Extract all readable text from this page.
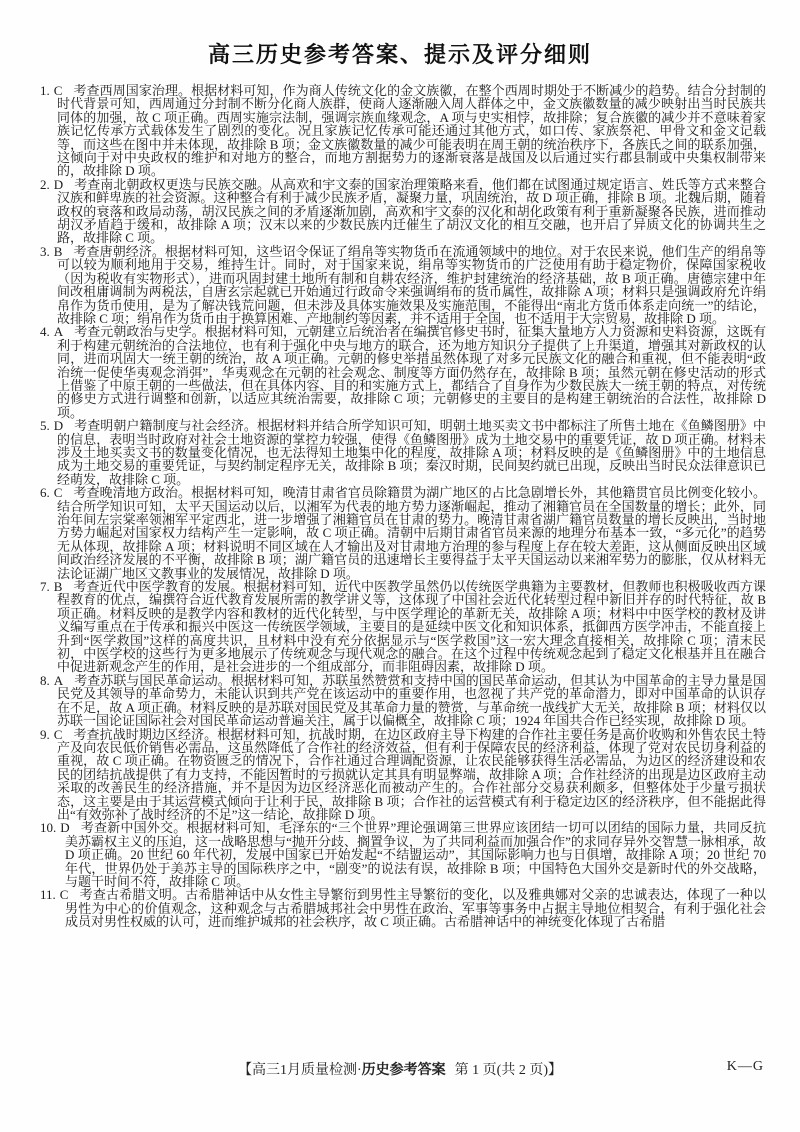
高三历史参考答案、提示及评分细则
1. C 考查西周国家治理。根据材料可知，作为商人传统文化的金文族徽，在整个西周时期处于不断减少的趋势。结合分封制的时代背景可知，西周通过分封制不断分化商人族群，使商人逐渐融入周人群体之中，金文族徽数量的减少映射出当时民族共同体的加强，故 C 项正确。西周实施宗法制，强调宗族血缘观念，A 项与史实相悖，故排除；复合族徽的减少并不意味着家族记忆传承方式载体发生了剧烈的变化。况且家族记忆传承可能还通过其他方式，如口传、家族祭祀、甲骨文和金文记载等，而这些在图中并未体现，故排除 B 项；金文族徽数量的减少可能表明在周王朝的统治秩序下，各族氏之间的联系加强，这倾向于对中央政权的维护和对地方的整合，而地方割据势力的逐渐衰落是战国及以后通过实行郡县制或中央集权制带来的，故排除 D 项。
2. D 考查南北朝政权更迭与民族交融。从高欢和宇文泰的国家治理策略来看，他们都在试图通过规定语言、姓氏等方式来整合汉族和鲜卑族的社会资源。这种整合有利于减少民族矛盾，凝聚力量，巩固统治，故 D 项正确，排除 B 项。北魏后期，随着政权的衰落和政局动荡，胡汉民族之间的矛盾逐渐加剧，高欢和宇文泰的汉化和胡化政策有利于重新凝聚各民族，进而推动胡汉矛盾趋于缓和，故排除 A 项；汉末以来的少数民族内迁催生了胡汉文化的相互交融，也开启了异质文化的协调共生之路，故排除 C 项。
3. B 考查唐朝经济。根据材料可知，这些诏令保证了绢帛等实物货币在流通领域中的地位。对于农民来说，他们生产的绢帛等可以较为顺利地用于交易，维持生计。同时，对于国家来说，绢帛等实物货币的广泛使用有助于稳定物价，保障国家税收（因为税收有实物形式），进而巩固封建土地所有制和自耕农经济，维护封建统治的经济基础，故 B 项正确。唐德宗建中年间改租庸调制为两税法，自唐玄宗起就已开始通过行政命令来强调绢布的货币属性，故排除 A 项；材料只是强调政府允许绢帛作为货币使用，是为了解决钱荒问题，但未涉及具体实施效果及实施范围，不能得出“南北方货币体系走向统一”的结论，故排除 C 项；绢帛作为货币由于换算困难、产地制约等因素，并不适用于全国，也不适用于大宗贸易，故排除 D 项。
4. A 考查元朝政治与史学。根据材料可知，元朝建立后统治者在编撰官修史书时，征集大量地方人力资源和史料资源，这既有利于构建元朝统治的合法地位，也有利于强化中央与地方的联合，还为地方知识分子提供了上升渠道，增强其对新政权的认同，进而巩固大一统王朝的统治，故 A 项正确。元朝的修史举措虽然体现了对多元民族文化的融合和重视，但不能表明“政治统一促使华夷观念消弭”，华夷观念在元朝的社会观念、制度等方面仍然存在，故排除 B 项；虽然元朝在修史活动的形式上借鉴了中原王朝的一些做法，但在具体内容、目的和实施方式上，都结合了自身作为少数民族大一统王朝的特点，对传统的修史方式进行调整和创新，以适应其统治需要，故排除 C 项；元朝修史的主要目的是构建王朝统治的合法性，故排除 D 项。
5. D 考查明朝户籍制度与社会经济。根据材料并结合所学知识可知，明朝土地买卖文书中都标注了所售土地在《鱼鳞图册》中的信息，表明当时政府对社会土地资源的掌控力较强，使得《鱼鳞图册》成为土地交易中的重要凭证，故 D 项正确。材料未涉及土地买卖文书的数量变化情况，也无法得知土地集中化的程度，故排除 A 项；材料反映的是《鱼鳞图册》中的土地信息成为土地交易的重要凭证，与契约制定程序无关，故排除 B 项；秦汉时期，民间契约就已出现，反映出当时民众法律意识已经萌发，故排除 C 项。
6. C 考查晚清地方政治。根据材料可知，晚清甘肃省官员除籍贯为湖广地区的占比急剧增长外，其他籍贯官员比例变化较小。结合所学知识可知，太平天国运动以后，以湘军为代表的地方势力逐渐崛起，推动了湘籍官员在全国数量的增长；此外，同治年间左宗棠率领湘军平定西北，进一步增强了湘籍官员在甘肃的势力。晚清甘肃省湖广籍官员数量的增长反映出，当时地方势力崛起对国家权力结构产生一定影响，故 C 项正确。清朝中后期甘肃省官员来源的地理分布基本一致，“多元化”的趋势无从体现，故排除 A 项；材料说明不同区域在人才输出及对甘肃地方治理的参与程度上存在较大差距，这从侧面反映出区域间政治经济发展的不平衡，故排除 B 项；湖广籍官员的迅速增长主要得益于太平天国运动以来湘军势力的膨胀，仅从材料无法论证湖广地区文教事业的发展情况，故排除 D 项。
7. B 考查近代中医学教育的发展。根据材料可知，近代中医教学虽然仍以传统医学典籍为主要教材，但教师也积极吸收西方课程教育的优点，编撰符合近代教育发展所需的教学讲义等，这体现了中国社会近代化转型过程中新旧并存的时代特征，故 B 项正确。材料反映的是教学内容和教材的近代化转型，与中医学理论的革新无关，故排除 A 项；材料中中医学校的教材及讲义编写重点在于传承和振兴中医这一传统医学领域，主要目的是延续中医文化和知识体系，抵御西方医学冲击，不能直接上升到“医学救国”这样的高度共识，且材料中没有充分依据显示与“医学救国”这一宏大理念直接相关，故排除 C 项；清末民初，中医学校的这些行为更多地展示了传统观念与现代观念的融合。在这个过程中传统观念起到了稳定文化根基并且在融合中促进新观念产生的作用，是社会进步的一个组成部分，而非阻碍因素，故排除 D 项。
8. A 考查苏联与国民革命运动。根据材料可知，苏联虽然赞赏和支持中国的国民革命运动，但其认为中国革命的主导力量是国民党及其领导的革命势力，未能认识到共产党在该运动中的重要作用，也忽视了共产党的革命潜力，即对中国革命的认识存在不足，故 A 项正确。材料反映的是苏联对国民党及其革命力量的赞赏，与革命统一战线扩大无关，故排除 B 项；材料仅以苏联一国论证国际社会对国民革命运动普遍关注，属于以偏概全，故排除 C 项；1924 年国共合作已经实现，故排除 D 项。
9. C 考查抗战时期边区经济。根据材料可知，抗战时期，在边区政府主导下构建的合作社主要任务是高价收购和外售农民土特产及向农民低价销售必需品，这虽然降低了合作社的经济效益，但有利于保障农民的经济利益，体现了党对农民切身利益的重视，故 C 项正确。在物资匮乏的情况下，合作社通过合理调配资源，让农民能够获得生活必需品，为边区的经济建设和农民的团结抗战提供了有力支持，不能因暂时的亏损就认定其具有明显弊端，故排除 A 项；合作社经济的出现是边区政府主动采取的改善民生的经济措施，并不是因为边区经济恶化而被动产生的。合作社部分交易获利颇多，但整体处于少量亏损状态，这主要是由于其运营模式倾向于让利于民，故排除 B 项；合作社的运营模式有利于稳定边区的经济秩序，但不能据此得出“有效弥补了战时经济的不足”这一结论，故排除 D 项。
10. D 考查新中国外交。根据材料可知，毛泽东的“三个世界”理论强调第三世界应该团结一切可以团结的国际力量，共同反抗美苏霸权主义的压迫，这一战略思想与“抛开分歧、搁置争议，为了共同利益而加强合作”的求同存异外交智慧一脉相承，故 D 项正确。20 世纪 60 年代初，发展中国家已开始发起“不结盟运动”，其国际影响力也与日俱增，故排除 A 项；20 世纪 70 年代，世界仍处于美苏主导的国际秩序之中，“剧变”的说法有误，故排除 B 项；中国特色大国外交是新时代的外交战略，与题干时间不符，故排除 C 项。
11. C 考查古希腊文明。古希腊神话中从女性主导繁衍到男性主导繁衍的变化，以及雅典娜对父亲的忠诚表达，体现了一种以男性为中心的价值观念，这种观念与古希腊城邦社会中男性在政治、军事等事务中占据主导地位相契合，有利于强化社会成员对男性权威的认可，进而维护城邦的社会秩序，故 C 项正确。古希腊神话中的神统变化体现了古希腊
【高三1月质量检测·历史参考答案 第 1 页(共 2 页)】	K—G
